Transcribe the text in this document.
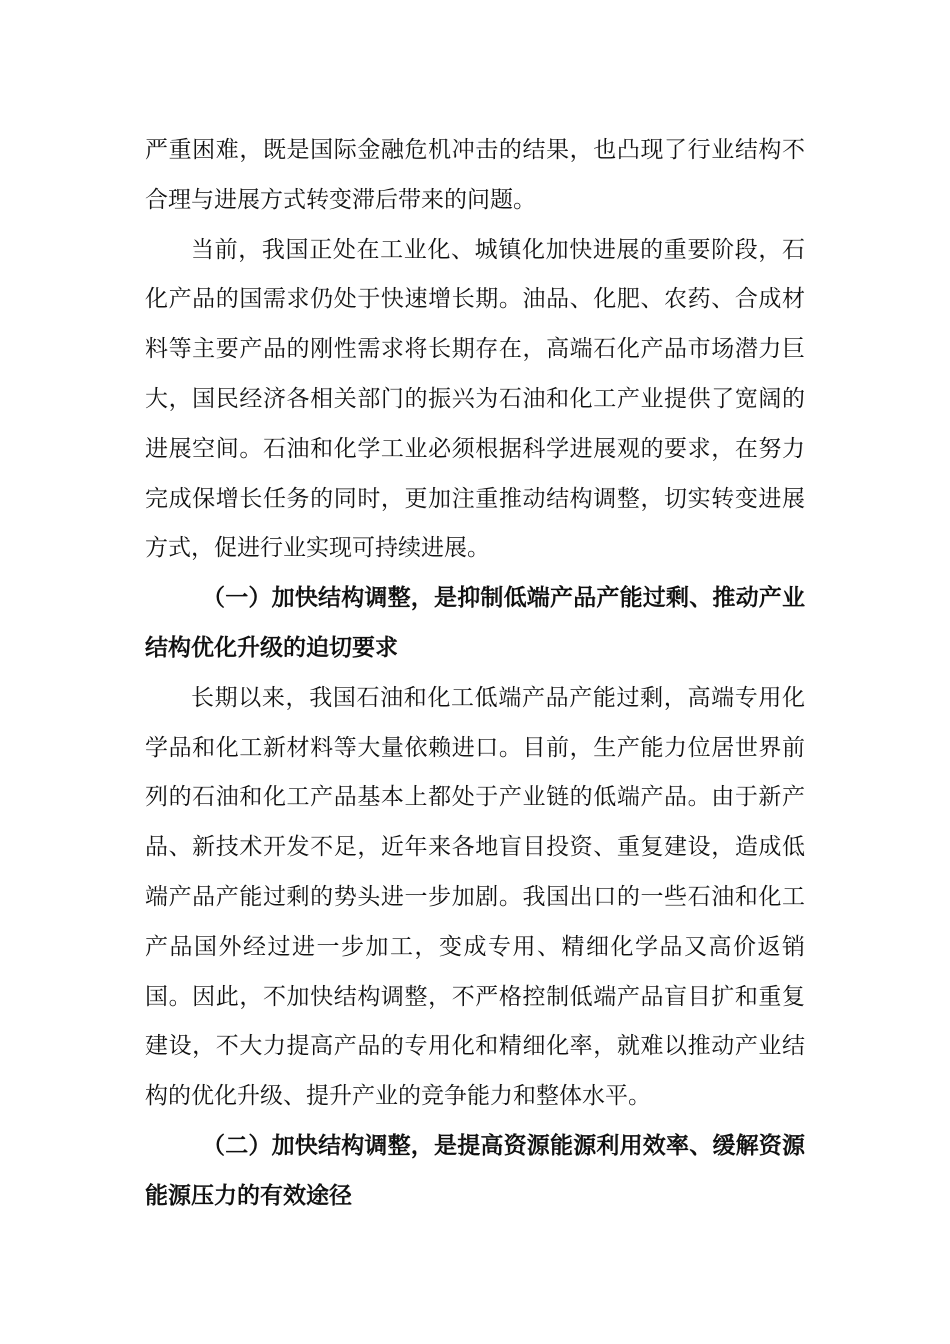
严重困难，既是国际金融危机冲击的结果，也凸现了行业结构不合理与进展方式转变滞后带来的问题。

当前，我国正处在工业化、城镇化加快进展的重要阶段，石化产品的国需求仍处于快速增长期。油品、化肥、农药、合成材料等主要产品的刚性需求将长期存在，高端石化产品市场潜力巨大，国民经济各相关部门的振兴为石油和化工产业提供了宽阔的进展空间。石油和化学工业必须根据科学进展观的要求，在努力完成保增长任务的同时，更加注重推动结构调整，切实转变进展方式，促进行业实现可持续进展。

（一）加快结构调整，是抑制低端产品产能过剩、推动产业结构优化升级的迫切要求

长期以来，我国石油和化工低端产品产能过剩，高端专用化学品和化工新材料等大量依赖进口。目前，生产能力位居世界前列的石油和化工产品基本上都处于产业链的低端产品。由于新产品、新技术开发不足，近年来各地盲目投资、重复建设，造成低端产品产能过剩的势头进一步加剧。我国出口的一些石油和化工产品国外经过进一步加工，变成专用、精细化学品又高价返销国。因此，不加快结构调整，不严格控制低端产品盲目扩和重复建设，不大力提高产品的专用化和精细化率，就难以推动产业结构的优化升级、提升产业的竞争能力和整体水平。

（二）加快结构调整，是提高资源能源利用效率、缓解资源能源压力的有效途径
